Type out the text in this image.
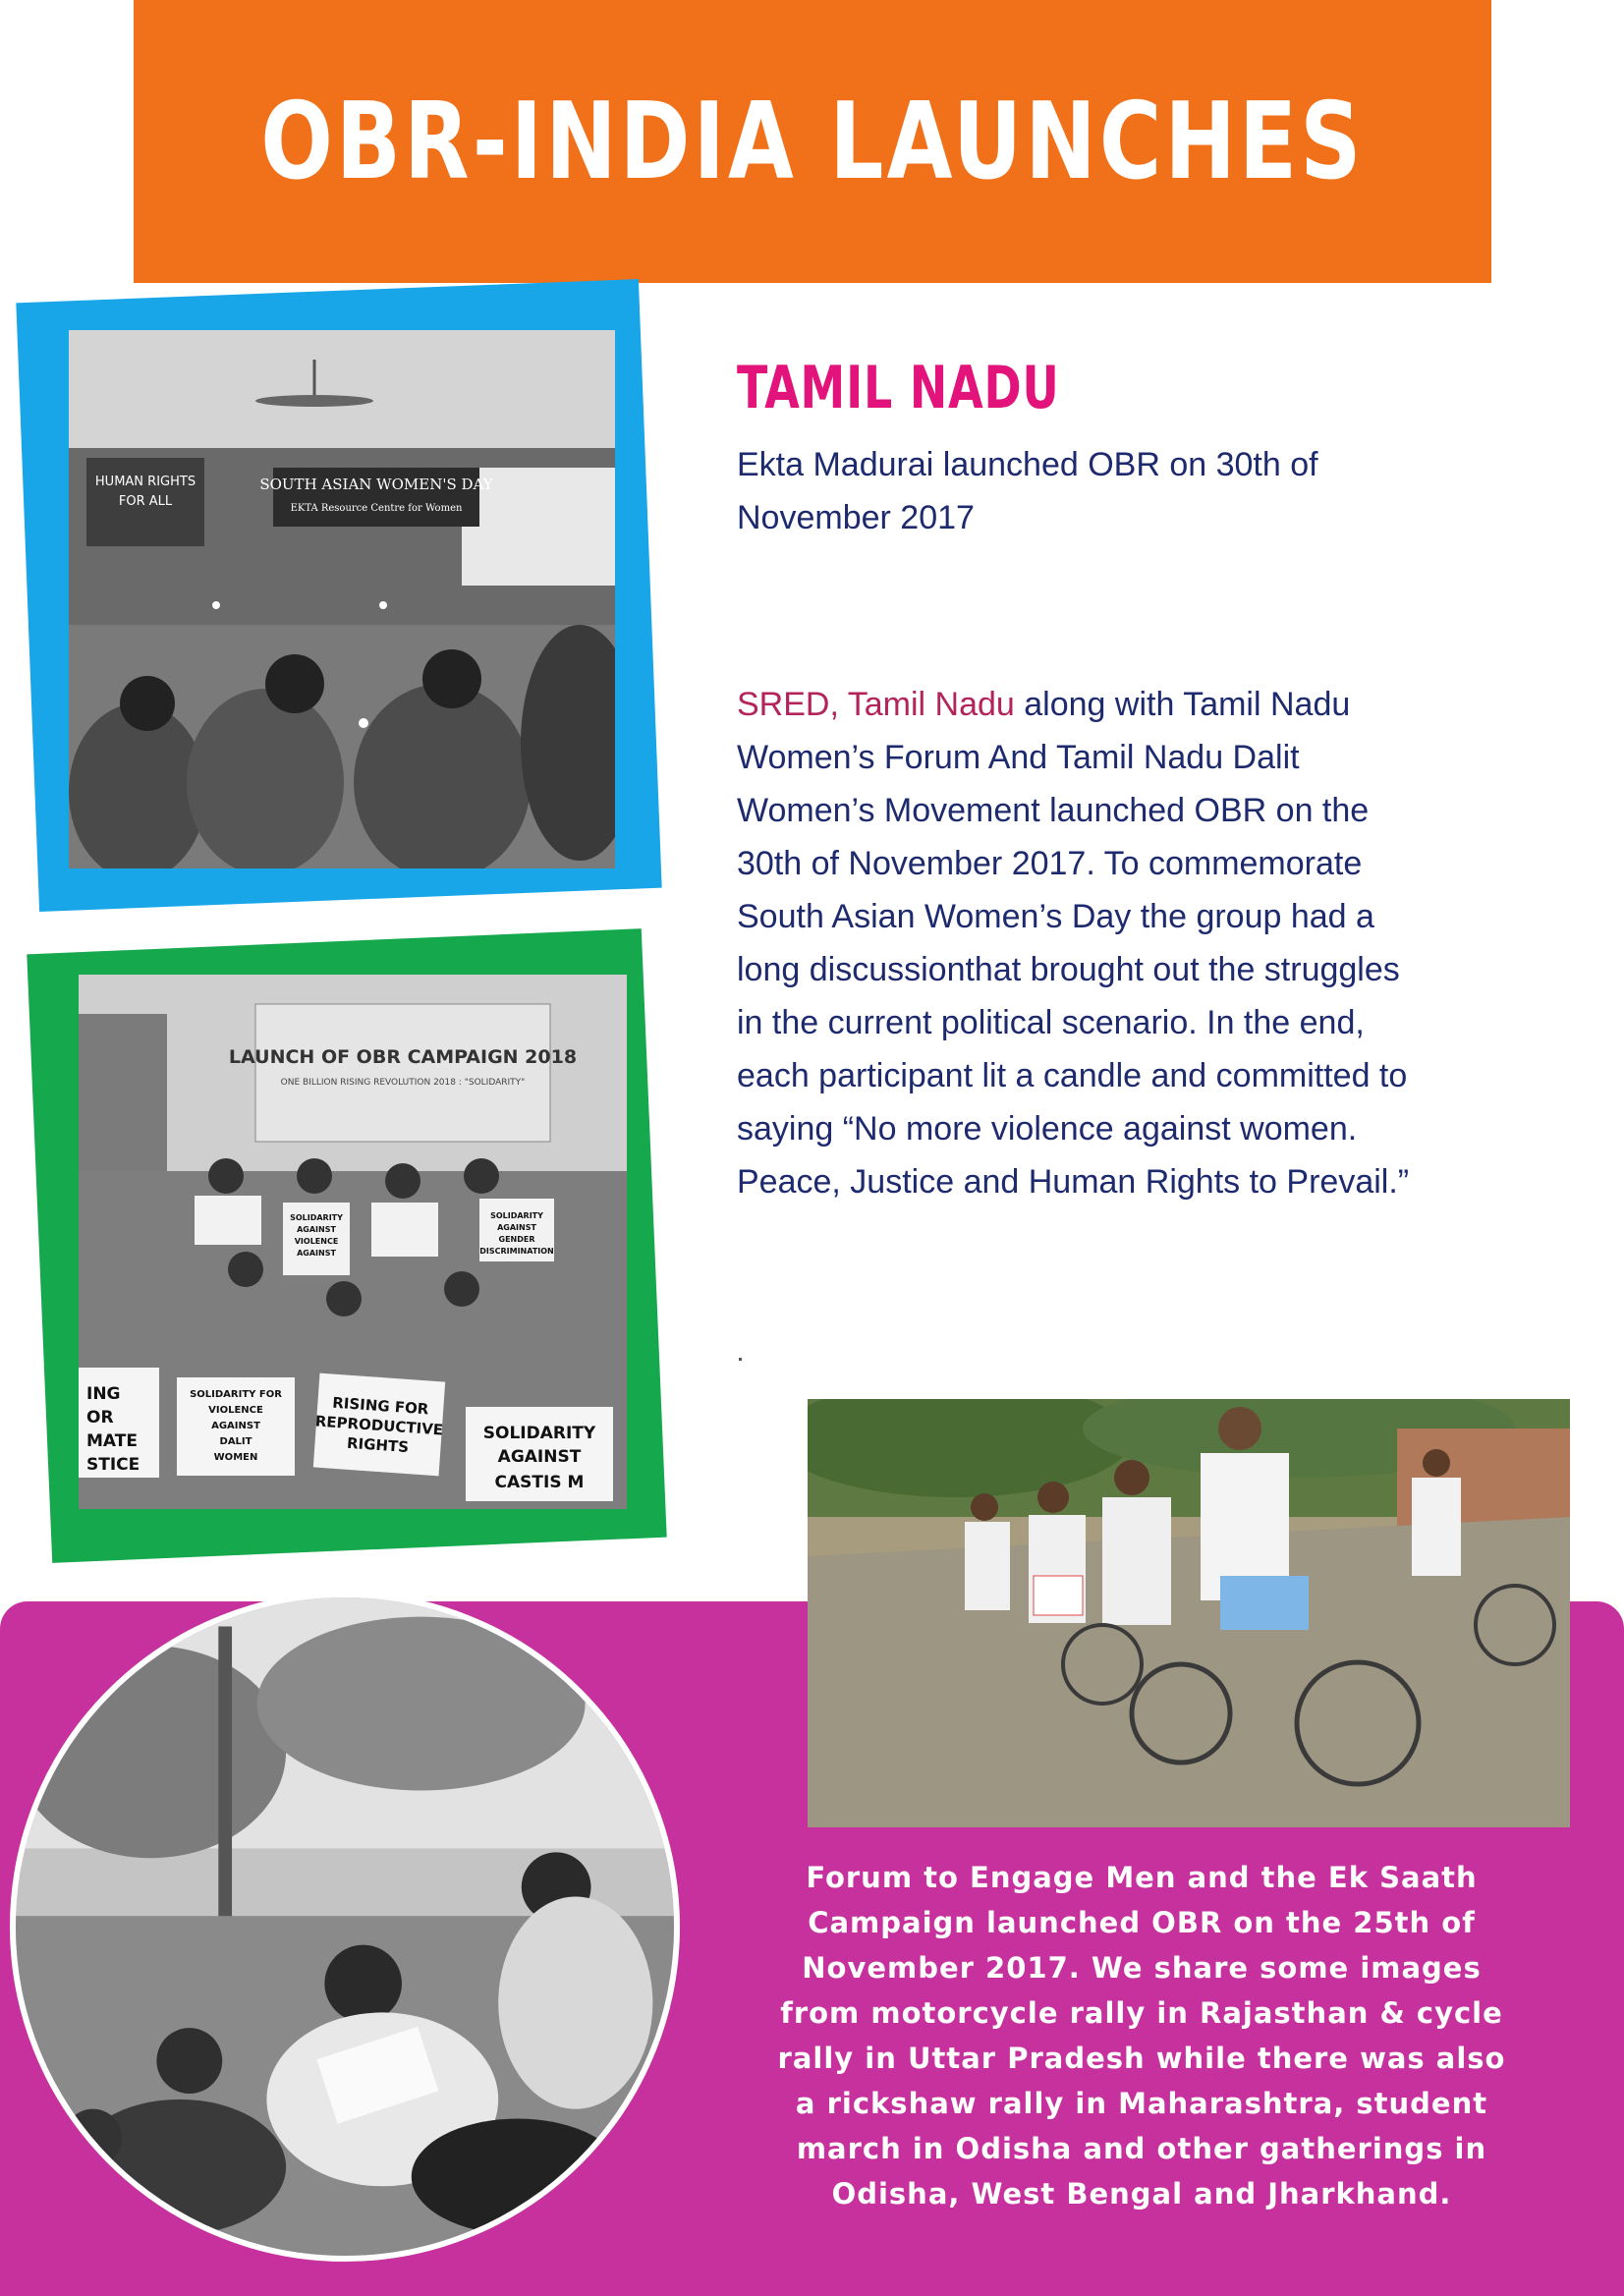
OBR-INDIA LAUNCHES
HUMAN RIGHTS
FOR ALL
SOUTH ASIAN WOMEN'S DAY
EKTA Resource Centre for Women
TAMIL NADU

Ekta Madurai launched OBR on 30th of November 2017

SRED, Tamil Nadu along with Tamil Nadu Women’s Forum And Tamil Nadu Dalit Women’s Movement launched OBR on the 30th of November 2017. To commemorate South Asian Women’s Day the group had a long discussionthat brought out the struggles in the current political scenario. In the end, each participant lit a candle and committed to saying “No more violence against women. Peace, Justice and Human Rights to Prevail.”

LAUNCH OF OBR CAMPAIGN 2018
ONE BILLION RISING REVOLUTION 2018 : "SOLIDARITY"
SOLIDARITY
AGAINST
VIOLENCE
AGAINST
SOLIDARITY
AGAINST
GENDER
DISCRIMINATION
ING
OR
MATE
STICE
SOLIDARITY FOR
VIOLENCE
AGAINST
DALIT
WOMEN
RISING FOR
REPRODUCTIVE
RIGHTS
SOLIDARITY
AGAINST
CASTIS M

Forum to Engage Men and the Ek Saath Campaign launched OBR on the 25th of November 2017. We share some images from motorcycle rally in Rajasthan & cycle rally in Uttar Pradesh while there was also a rickshaw rally in Maharashtra, student march in Odisha and other gatherings in Odisha, West Bengal and Jharkhand.
